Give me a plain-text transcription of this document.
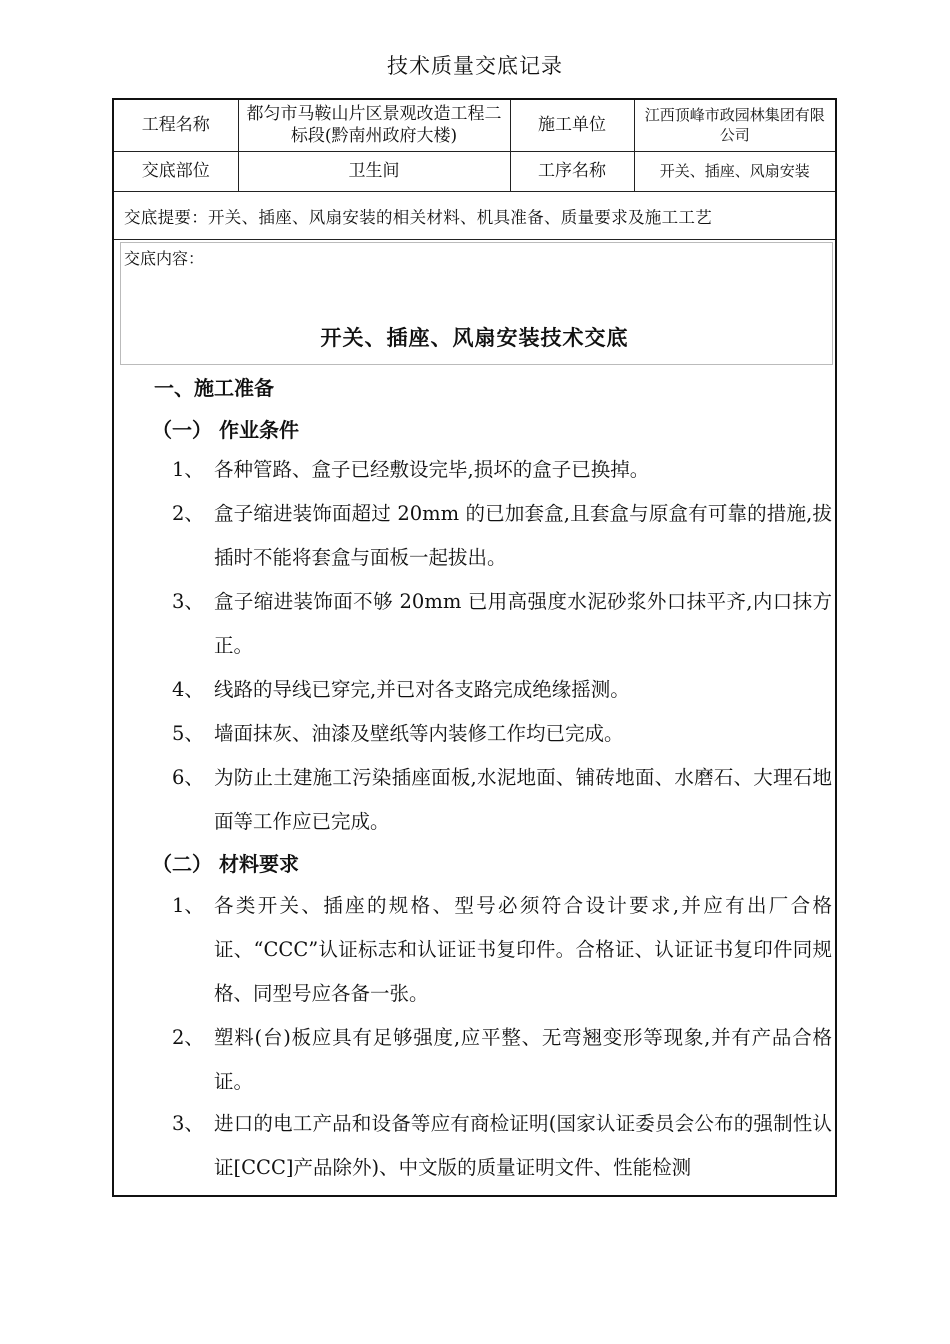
技术质量交底记录
工程名称	都匀市马鞍山片区景观改造工程二标段(黔南州政府大楼)	施工单位	江西顶峰市政园林集团有限公司
交底部位	卫生间	工序名称	开关、插座、风扇安装
交底提要：开关、插座、风扇安装的相关材料、机具准备、质量要求及施工工艺
交底内容：
开关、插座、风扇安装技术交底
一、施工准备
（一） 作业条件
1、 各种管路、盒子已经敷设完毕,损坏的盒子已换掉。
2、 盒子缩进装饰面超过 20mm 的已加套盒,且套盒与原盒有可靠的措施,拔插时不能将套盒与面板一起拔出。
3、 盒子缩进装饰面不够 20mm 已用高强度水泥砂浆外口抹平齐,内口抹方正。
4、 线路的导线已穿完,并已对各支路完成绝缘摇测。
5、 墙面抹灰、油漆及壁纸等内装修工作均已完成。
6、 为防止土建施工污染插座面板,水泥地面、铺砖地面、水磨石、大理石地面等工作应已完成。
（二） 材料要求
1、 各类开关、插座的规格、型号必须符合设计要求,并应有出厂合格证、“CCC”认证标志和认证证书复印件。合格证、认证证书复印件同规格、同型号应各备一张。
2、 塑料(台)板应具有足够强度,应平整、无弯翘变形等现象,并有产品合格证。
3、 进口的电工产品和设备等应有商检证明(国家认证委员会公布的强制性认证[CCC]产品除外)、中文版的质量证明文件、性能检测
